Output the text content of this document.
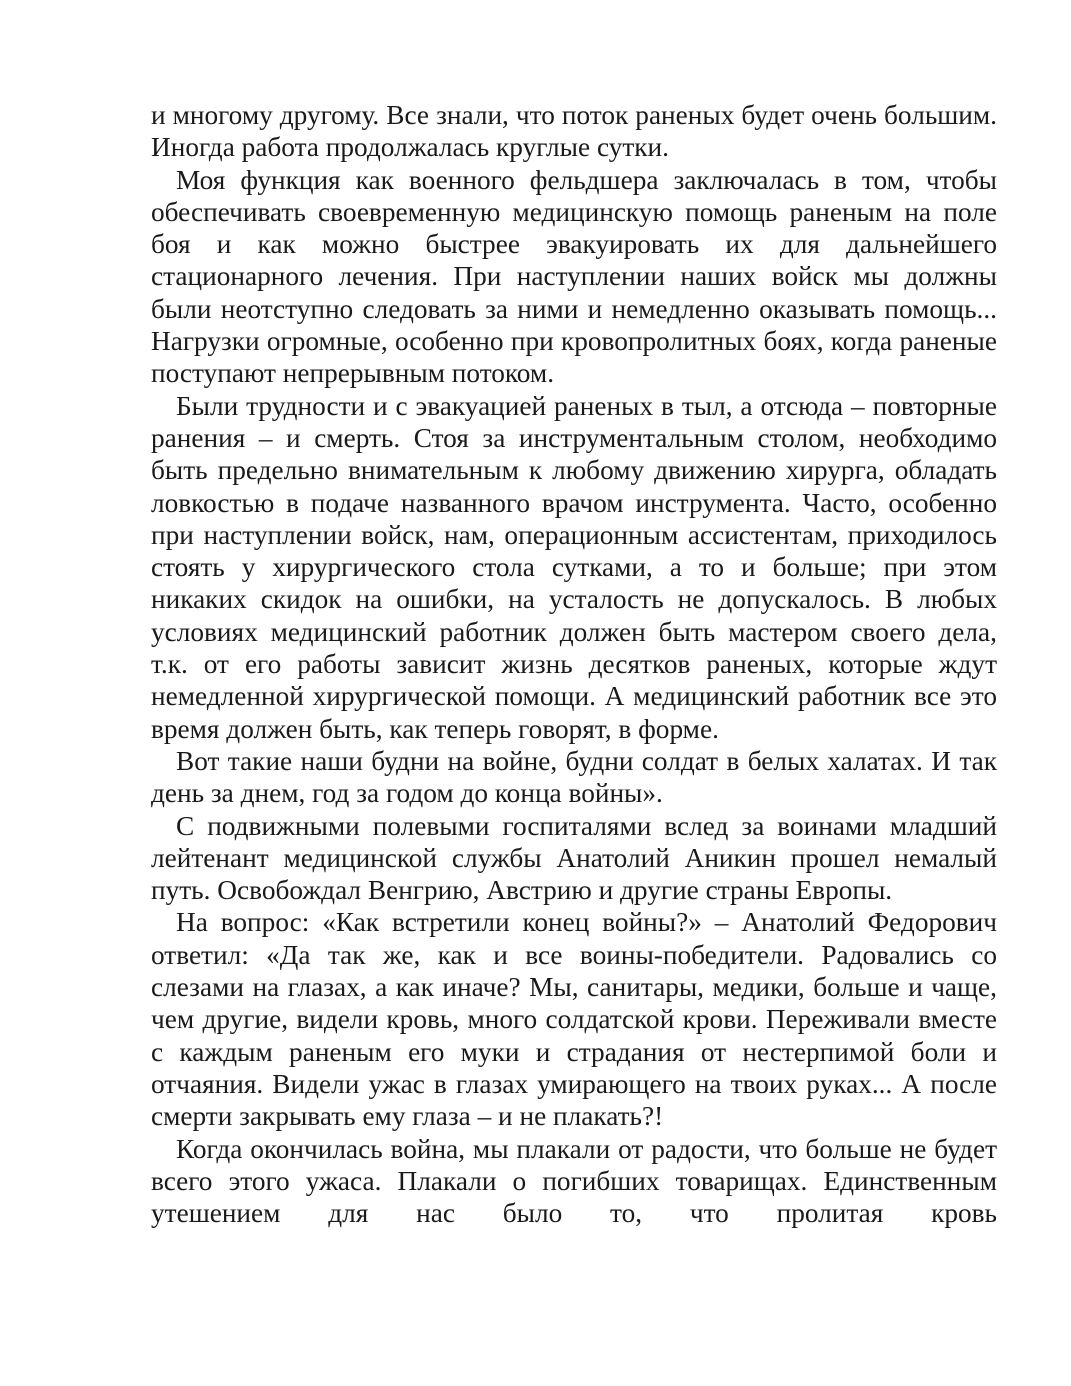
и многому другому. Все знали, что поток раненых будет очень большим. Иногда работа продолжалась круглые сутки.

Моя функция как военного фельдшера заключалась в том, чтобы обеспечивать своевременную медицинскую помощь раненым на поле боя и как можно быстрее эвакуировать их для дальнейшего стационарного лечения. При наступлении наших войск мы должны были неотступно следовать за ними и немедленно оказывать помощь... Нагрузки огромные, особенно при кровопролитных боях, когда раненые поступают непрерывным потоком.

Были трудности и с эвакуацией раненых в тыл, а отсюда – повторные ранения – и смерть. Стоя за инструментальным столом, необходимо быть предельно внимательным к любому движению хирурга, обладать ловкостью в подаче названного врачом инструмента. Часто, особенно при наступлении войск, нам, операционным ассистентам, приходилось стоять у хирургического стола сутками, а то и больше; при этом никаких скидок на ошибки, на усталость не допускалось. В любых условиях медицинский работник должен быть мастером своего дела, т.к. от его работы зависит жизнь десятков раненых, которые ждут немедленной хирургической помощи. А медицинский работник все это время должен быть, как теперь говорят, в форме.

Вот такие наши будни на войне, будни солдат в белых халатах. И так день за днем, год за годом до конца войны».

С подвижными полевыми госпиталями вслед за воинами младший лейтенант медицинской службы Анатолий Аникин прошел немалый путь. Освобождал Венгрию, Австрию и другие страны Европы.

На вопрос: «Как встретили конец войны?» – Анатолий Федорович ответил: «Да так же, как и все воины-победители. Радовались со слезами на глазах, а как иначе? Мы, санитары, медики, больше и чаще, чем другие, видели кровь, много солдатской крови. Переживали вместе с каждым раненым его муки и страдания от нестерпимой боли и отчаяния. Видели ужас в глазах умирающего на твоих руках... А после смерти закрывать ему глаза – и не плакать?!

Когда окончилась война, мы плакали от радости, что больше не будет всего этого ужаса. Плакали о погибших товарищах. Единственным утешением для нас было то, что пролитая кровь
